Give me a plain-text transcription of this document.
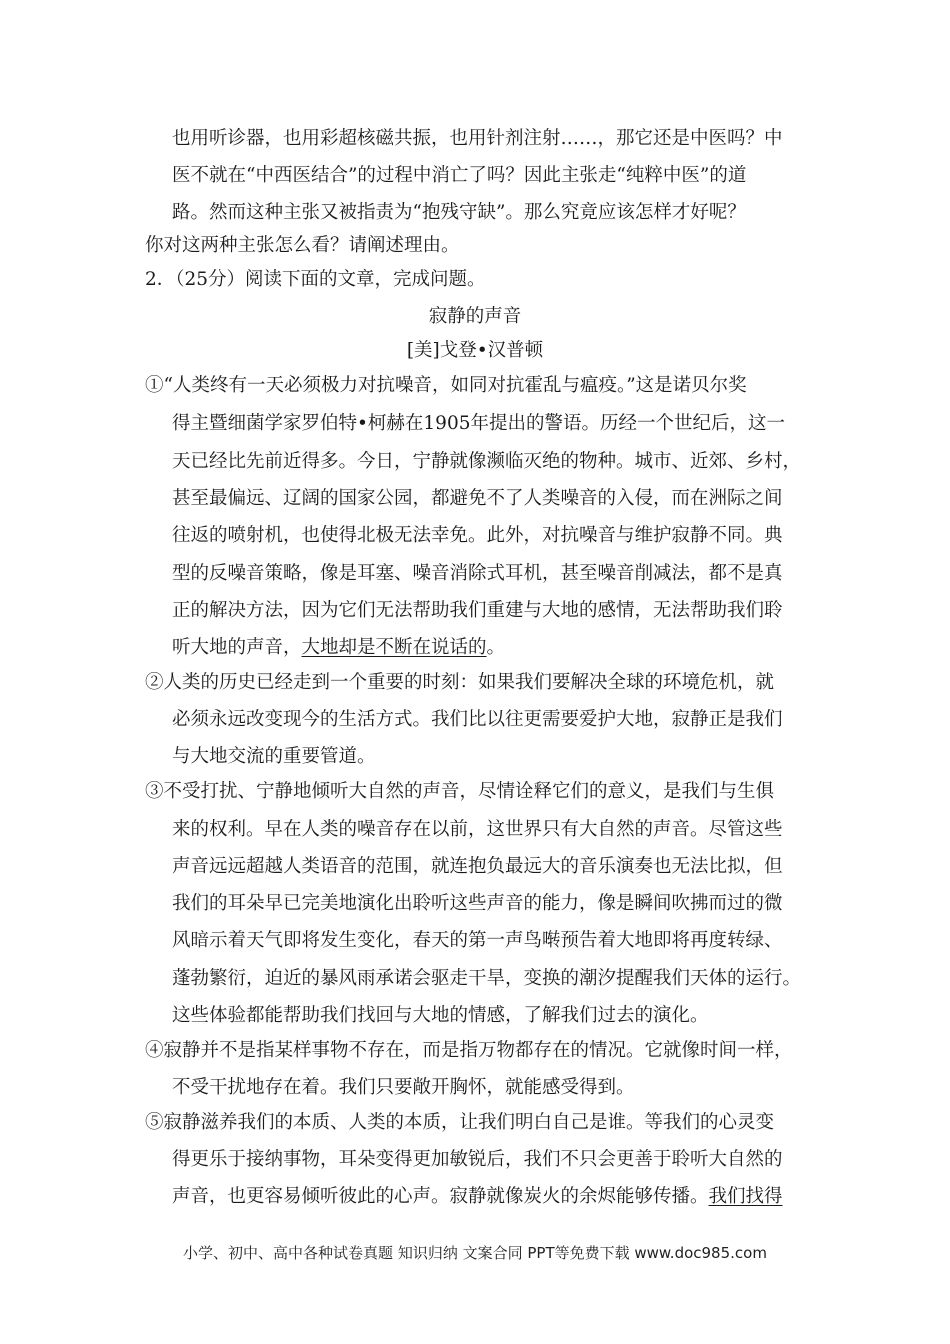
也用听诊器，也用彩超核磁共振，也用针剂注射……，那它还是中医吗？中
医不就在“中西医结合”的过程中消亡了吗？因此主张走“纯粹中医”的道
路。然而这种主张又被指责为“抱残守缺”。那么究竟应该怎样才好呢？
你对这两种主张怎么看？请阐述理由。
2．（25分）阅读下面的文章，完成问题。
寂静的声音
[美]戈登•汉普顿
①“人类终有一天必须极力对抗噪音，如同对抗霍乱与瘟疫。”这是诺贝尔奖
得主暨细菌学家罗伯特•柯赫在1905年提出的警语。历经一个世纪后，这一
天已经比先前近得多。今日，宁静就像濒临灭绝的物种。城市、近郊、乡村，
甚至最偏远、辽阔的国家公园，都避免不了人类噪音的入侵，而在洲际之间
往返的喷射机，也使得北极无法幸免。此外，对抗噪音与维护寂静不同。典
型的反噪音策略，像是耳塞、噪音消除式耳机，甚至噪音削减法，都不是真
正的解决方法，因为它们无法帮助我们重建与大地的感情，无法帮助我们聆
听大地的声音，大地却是不断在说话的。
②人类的历史已经走到一个重要的时刻：如果我们要解决全球的环境危机，就
必须永远改变现今的生活方式。我们比以往更需要爱护大地，寂静正是我们
与大地交流的重要管道。
③不受打扰、宁静地倾听大自然的声音，尽情诠释它们的意义，是我们与生俱
来的权利。早在人类的噪音存在以前，这世界只有大自然的声音。尽管这些
声音远远超越人类语音的范围，就连抱负最远大的音乐演奏也无法比拟，但
我们的耳朵早已完美地演化出聆听这些声音的能力，像是瞬间吹拂而过的微
风暗示着天气即将发生变化，春天的第一声鸟啭预告着大地即将再度转绿、
蓬勃繁衍，迫近的暴风雨承诺会驱走干旱，变换的潮汐提醒我们天体的运行。
这些体验都能帮助我们找回与大地的情感，了解我们过去的演化。
④寂静并不是指某样事物不存在，而是指万物都存在的情况。它就像时间一样，
不受干扰地存在着。我们只要敞开胸怀，就能感受得到。
⑤寂静滋养我们的本质、人类的本质，让我们明白自己是谁。等我们的心灵变
得更乐于接纳事物，耳朵变得更加敏锐后，我们不只会更善于聆听大自然的
声音，也更容易倾听彼此的心声。寂静就像炭火的余烬能够传播。我们找得
小学、初中、高中各种试卷真题 知识归纳 文案合同 PPT等免费下载 www.doc985.com
